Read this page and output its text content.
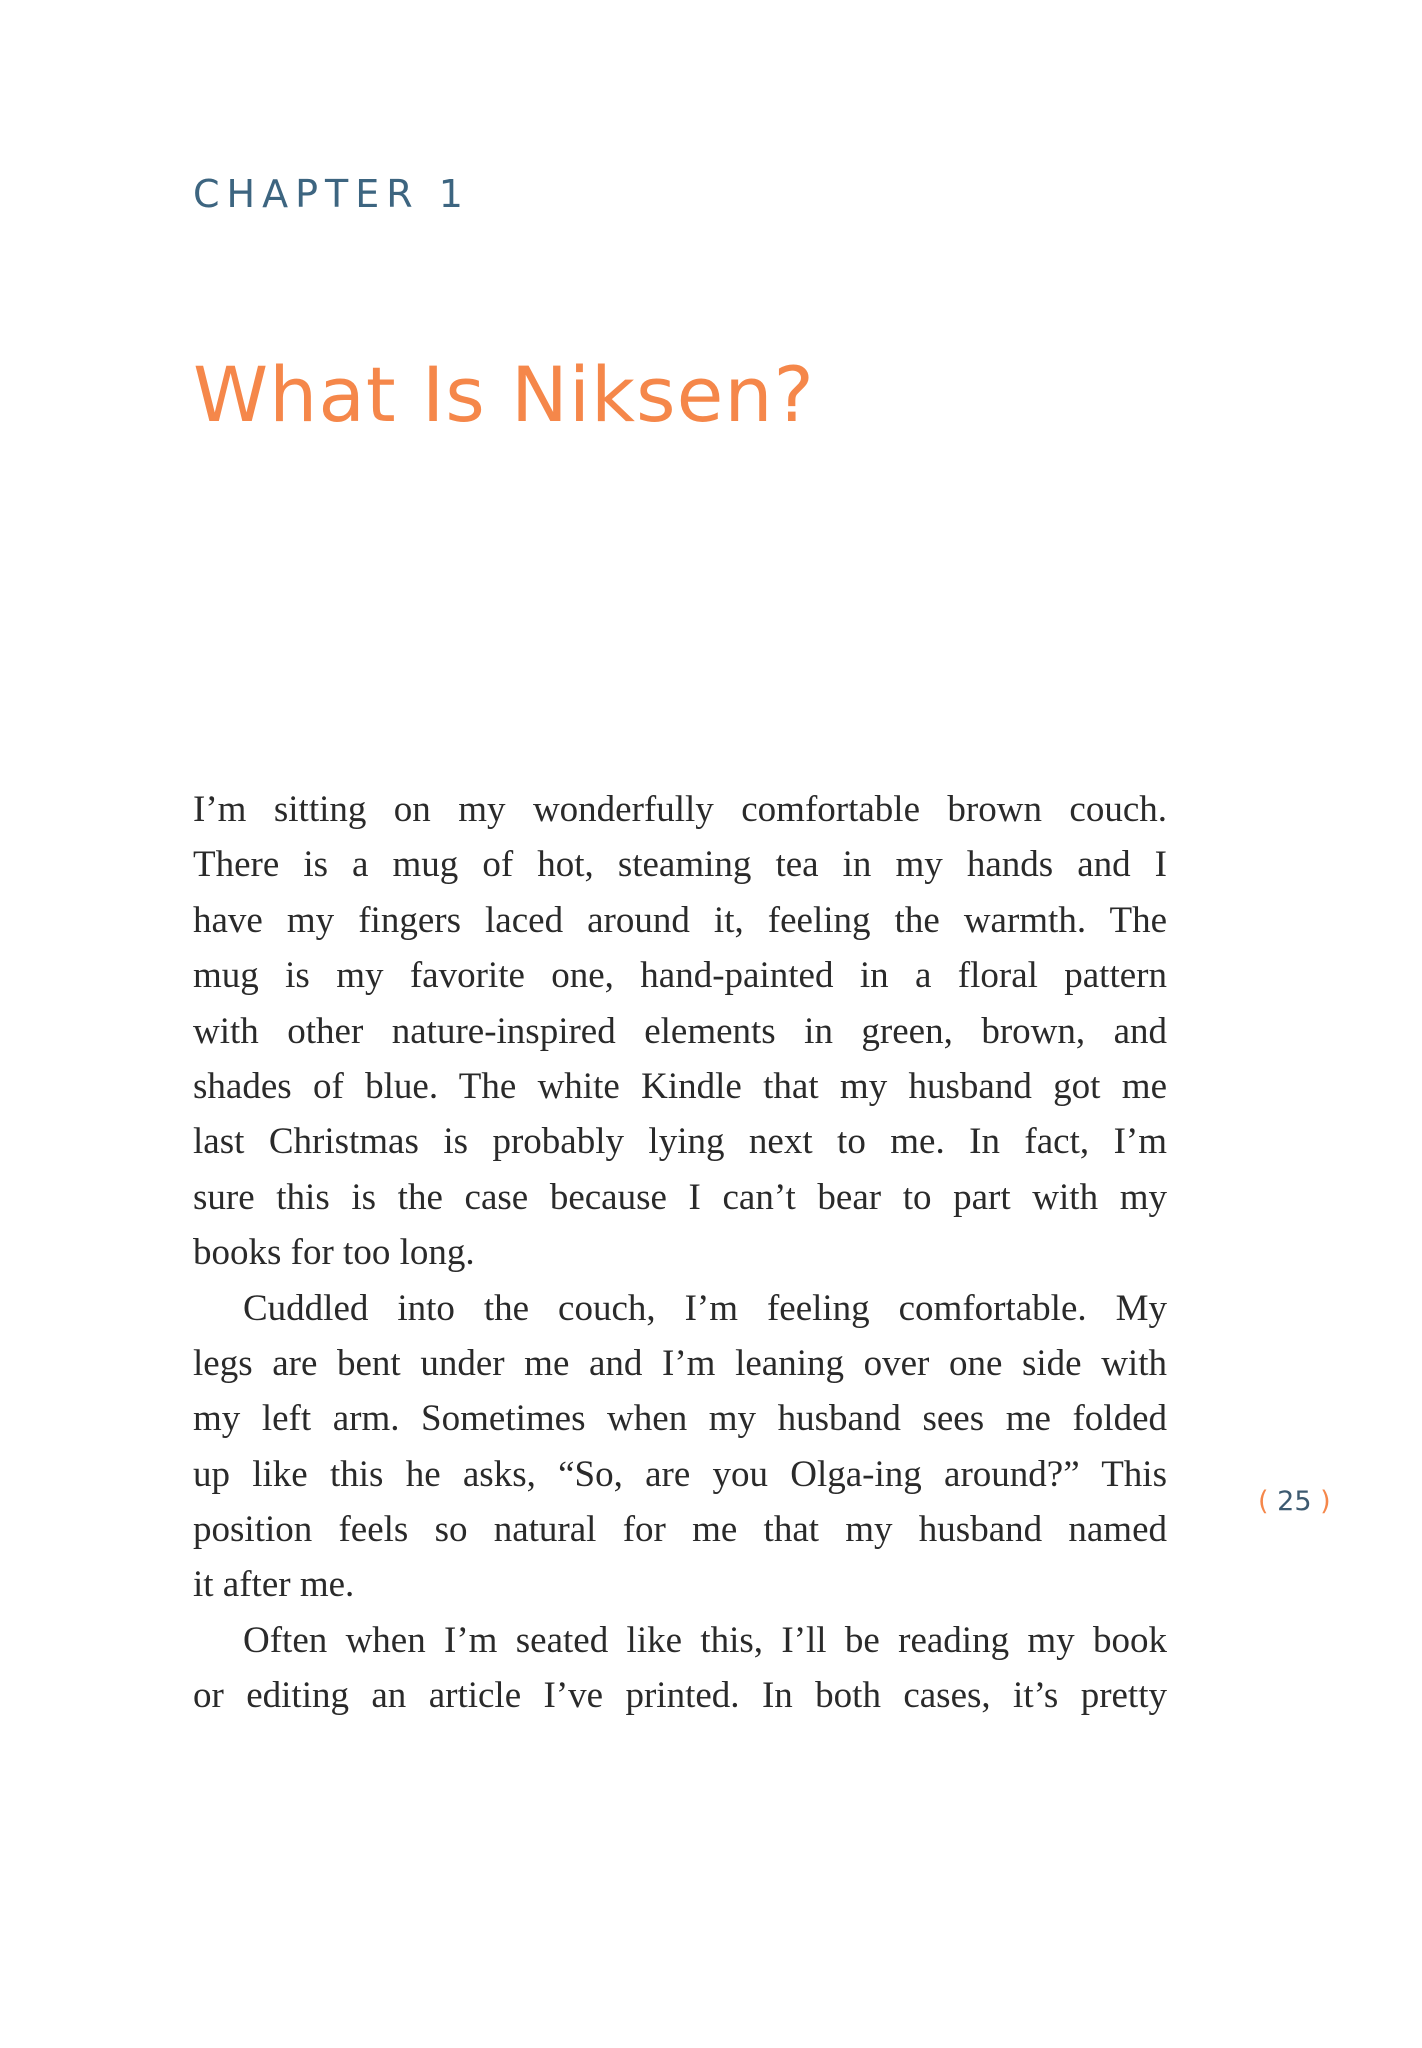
CHAPTER 1
What Is Niksen?
I’m sitting on my wonderfully comfortable brown couch.
There is a mug of hot, steaming tea in my hands and I
have my fingers laced around it, feeling the warmth. The
mug is my favorite one, hand-painted in a floral pattern
with other nature-inspired elements in green, brown, and
shades of blue. The white Kindle that my husband got me
last Christmas is probably lying next to me. In fact, I’m
sure this is the case because I can’t bear to part with my
books for too long.
Cuddled into the couch, I’m feeling comfortable. My
legs are bent under me and I’m leaning over one side with
my left arm. Sometimes when my husband sees me folded
up like this he asks, “So, are you Olga-ing around?” This
position feels so natural for me that my husband named
it after me.
Often when I’m seated like this, I’ll be reading my book
or editing an article I’ve printed. In both cases, it’s pretty
( 25 )
